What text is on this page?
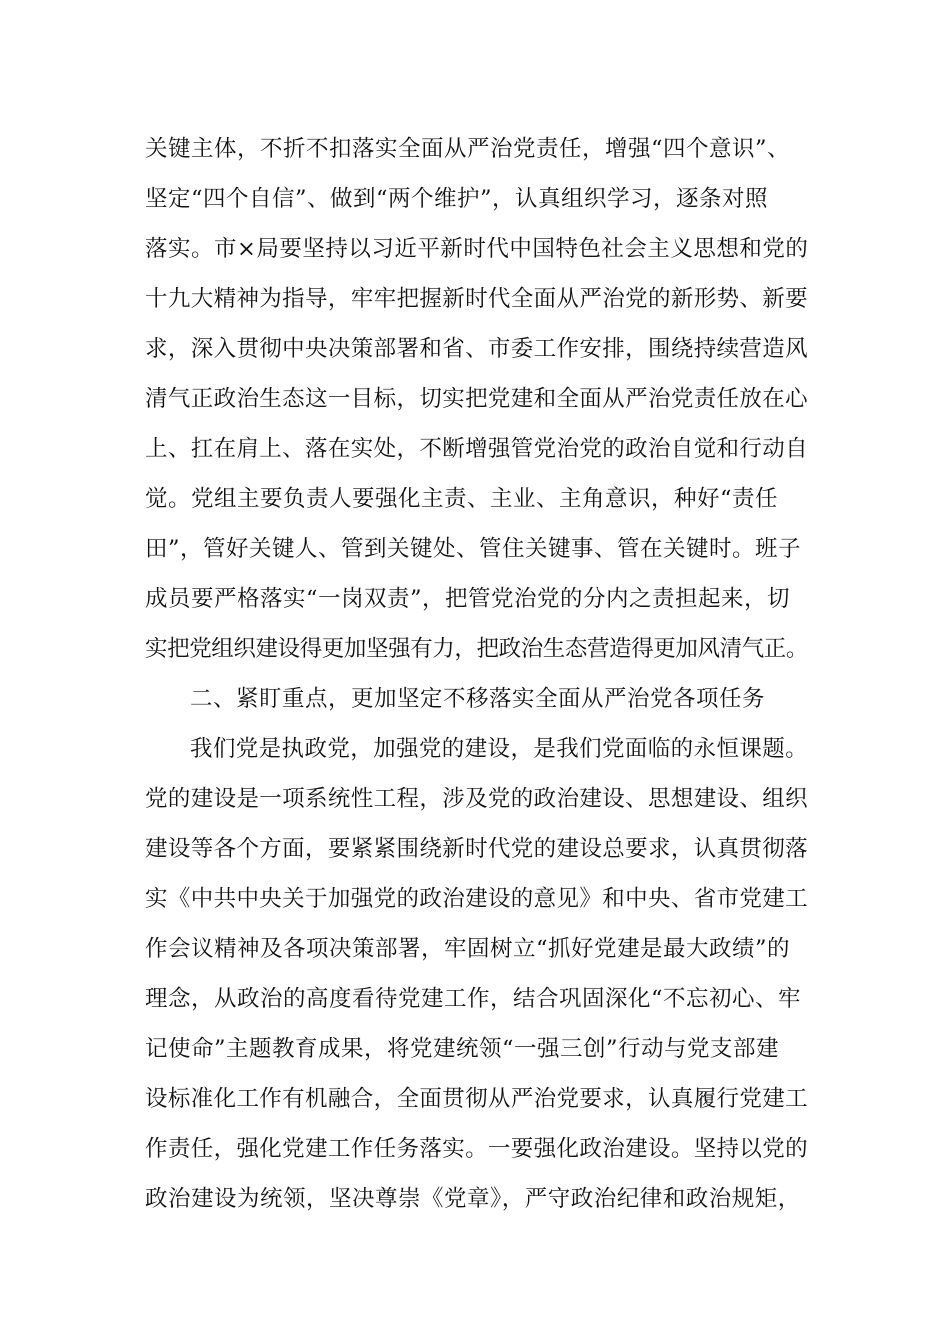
关键主体，不折不扣落实全面从严治党责任，增强“四个意识”、
坚定“四个自信”、做到“两个维护”，认真组织学习，逐条对照
落实。市×局要坚持以习近平新时代中国特色社会主义思想和党的
十九大精神为指导，牢牢把握新时代全面从严治党的新形势、新要
求，深入贯彻中央决策部署和省、市委工作安排，围绕持续营造风
清气正政治生态这一目标，切实把党建和全面从严治党责任放在心
上、扛在肩上、落在实处，不断增强管党治党的政治自觉和行动自
觉。党组主要负责人要强化主责、主业、主角意识，种好“责任
田”，管好关键人、管到关键处、管住关键事、管在关键时。班子
成员要严格落实“一岗双责”，把管党治党的分内之责担起来，切
实把党组织建设得更加坚强有力，把政治生态营造得更加风清气正。
二、紧盯重点，更加坚定不移落实全面从严治党各项任务
我们党是执政党，加强党的建设，是我们党面临的永恒课题。
党的建设是一项系统性工程，涉及党的政治建设、思想建设、组织
建设等各个方面，要紧紧围绕新时代党的建设总要求，认真贯彻落
实《中共中央关于加强党的政治建设的意见》和中央、省市党建工
作会议精神及各项决策部署，牢固树立“抓好党建是最大政绩”的
理念，从政治的高度看待党建工作，结合巩固深化“不忘初心、牢
记使命”主题教育成果，将党建统领“一强三创”行动与党支部建
设标准化工作有机融合，全面贯彻从严治党要求，认真履行党建工
作责任，强化党建工作任务落实。一要强化政治建设。坚持以党的
政治建设为统领，坚决尊崇《党章》，严守政治纪律和政治规矩，
